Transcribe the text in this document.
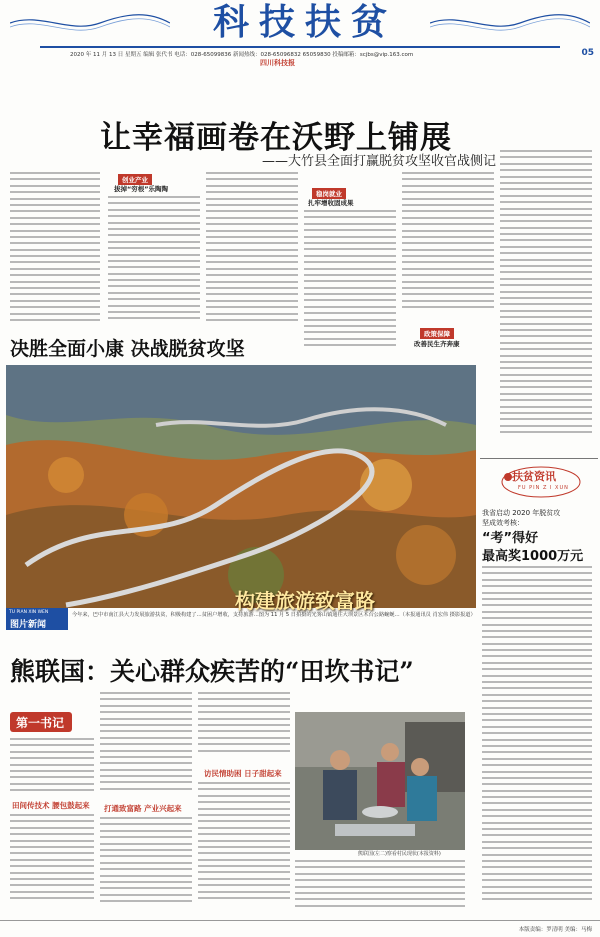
科技扶贫
05
2020 年 11 月 13 日 星期五 编辑 张代书 电话：028-65099836 新闻热线：028-65096832 65059830 投稿邮箱：scjbs@vip.163.com
四川科技报
让幸福画卷在沃野上铺展
——大竹县全面打赢脱贫攻坚收官战侧记
创业产业
拔掉“穷根”乐陶陶
稳岗就业
扎牢增收固成果
政策保障
改善民生齐奔康
决胜全面小康 决战脱贫攻坚
构建旅游致富路
TU PIAN XIN WEN
图片新闻
今年来，巴中市南江县大力发展旅游扶贫，积极构建了…贫困户增收，支持旅游…图为 11 月 5 日拍摄的光雾山镇通往大坝景区木台公路蜿蜒…（本报通讯员 肖宏伟 摄影报道）
扶贫资讯
FU PIN Z I XUN
我省启动 2020 年脱贫攻
坚成效考核：
“考”得好
最高奖1000万元
熊联国：关心群众疾苦的“田坎书记”
第一书记
田间传技术 腰包鼓起来 打通致富路 产业兴起来
访民情助困 日子甜起来
熊联国(左二)察看村民现状(本报资料)
本版责编：罗清明 美编：马梅
